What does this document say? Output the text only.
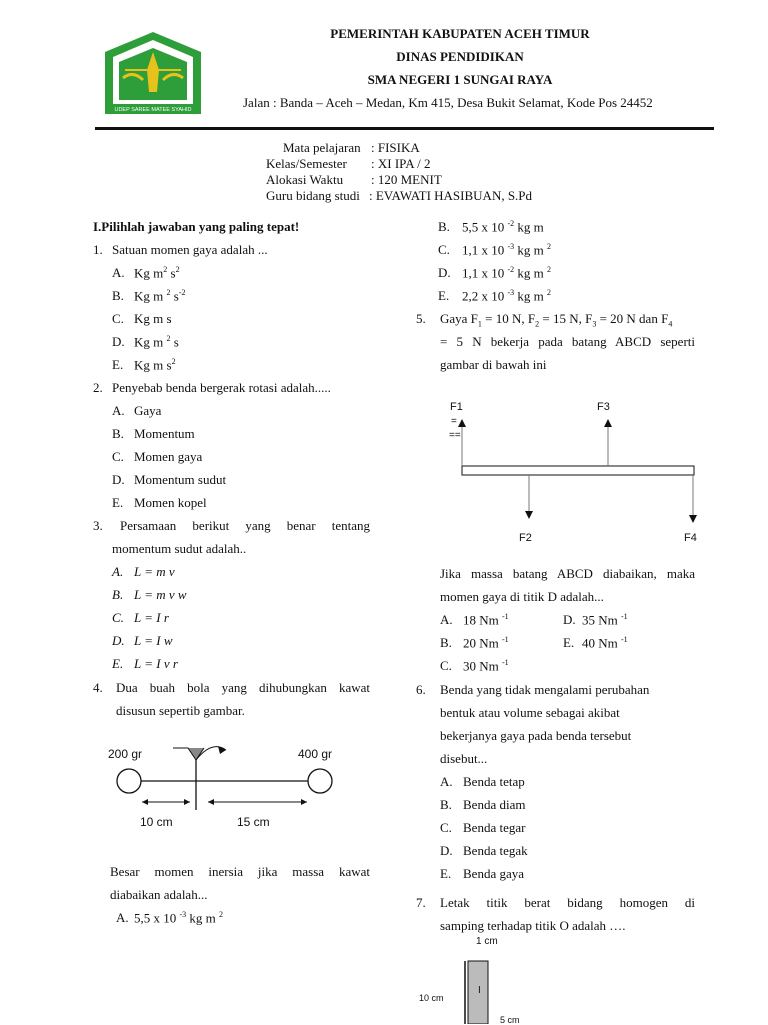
UDEP SAREE MATEE SYAHID
PEMERINTAH KABUPATEN ACEH TIMUR
DINAS PENDIDIKAN
SMA NEGERI 1 SUNGAI RAYA
Jalan : Banda – Aceh – Medan, Km 415, Desa Bukit Selamat, Kode Pos 24452
Mata pelajaran : FISIKA
Kelas/Semester : XI IPA / 2
Alokasi Waktu : 120 MENIT
Guru bidang studi : EVAWATI HASIBUAN, S.Pd
I.Pilihlah jawaban yang paling tepat!
1. Satuan momen gaya adalah ...
A. Kg $m^2$ $s^2$
B. Kg m $^2$ $s^{-2}$
C. Kg m s
D. Kg m $^2$ s
E. Kg m $s^2$
2. Penyebab benda bergerak rotasi adalah.....
A. Gaya
B. Momentum
C. Momen gaya
D. Momentum sudut
E. Momen kopel
3. Persamaan berikut yang benar tentang
momentum sudut adalah..
A. L = m v
B. L = m v w
C. L = I r
D. L = I w
E. L = I v r
4. Dua buah bola yang dihubungkan kawat
disusun sepertib gambar.
200 gr	400 gr
10 cm	15 cm
Besar momen inersia jika massa kawat
diabaikan adalah...
A. 5,5 x 10 $^{-3}$ kg m $^2$
B. 5,5 x 10 $^{-2}$ kg m
C. 1,1 x 10 $^{-3}$ kg m $^2$
D. 1,1 x 10 $^{-2}$ kg m $^2$
E. 2,2 x 10 $^{-3}$ kg m $^2$
5. Gaya $F_1 = 10$ N, $F_2 = 15$ N, $F_3 = 20$ N dan $F_4$
= 5 N bekerja pada batang ABCD seperti
gambar di bawah ini
F1
=
==
F3
F2	F4
Jika massa batang ABCD diabaikan, maka
momen gaya di titik D adalah...
A. 18 Nm $^{-1}$	D. 35 Nm $^{-1}$
B. 20 Nm $^{-1}$	E. 40 Nm $^{-1}$
C. 30 Nm $^{-1}$
6. Benda yang tidak mengalami perubahan
bentuk atau volume sebagai akibat
bekerjanya gaya pada benda tersebut
disebut...
A. Benda tetap
B. Benda diam
C. Benda tegar
D. Benda tegak
E. Benda gaya
7. Letak titik berat bidang homogen di
samping terhadap titik O adalah ….
1 cm
10 cm
I
5 cm
